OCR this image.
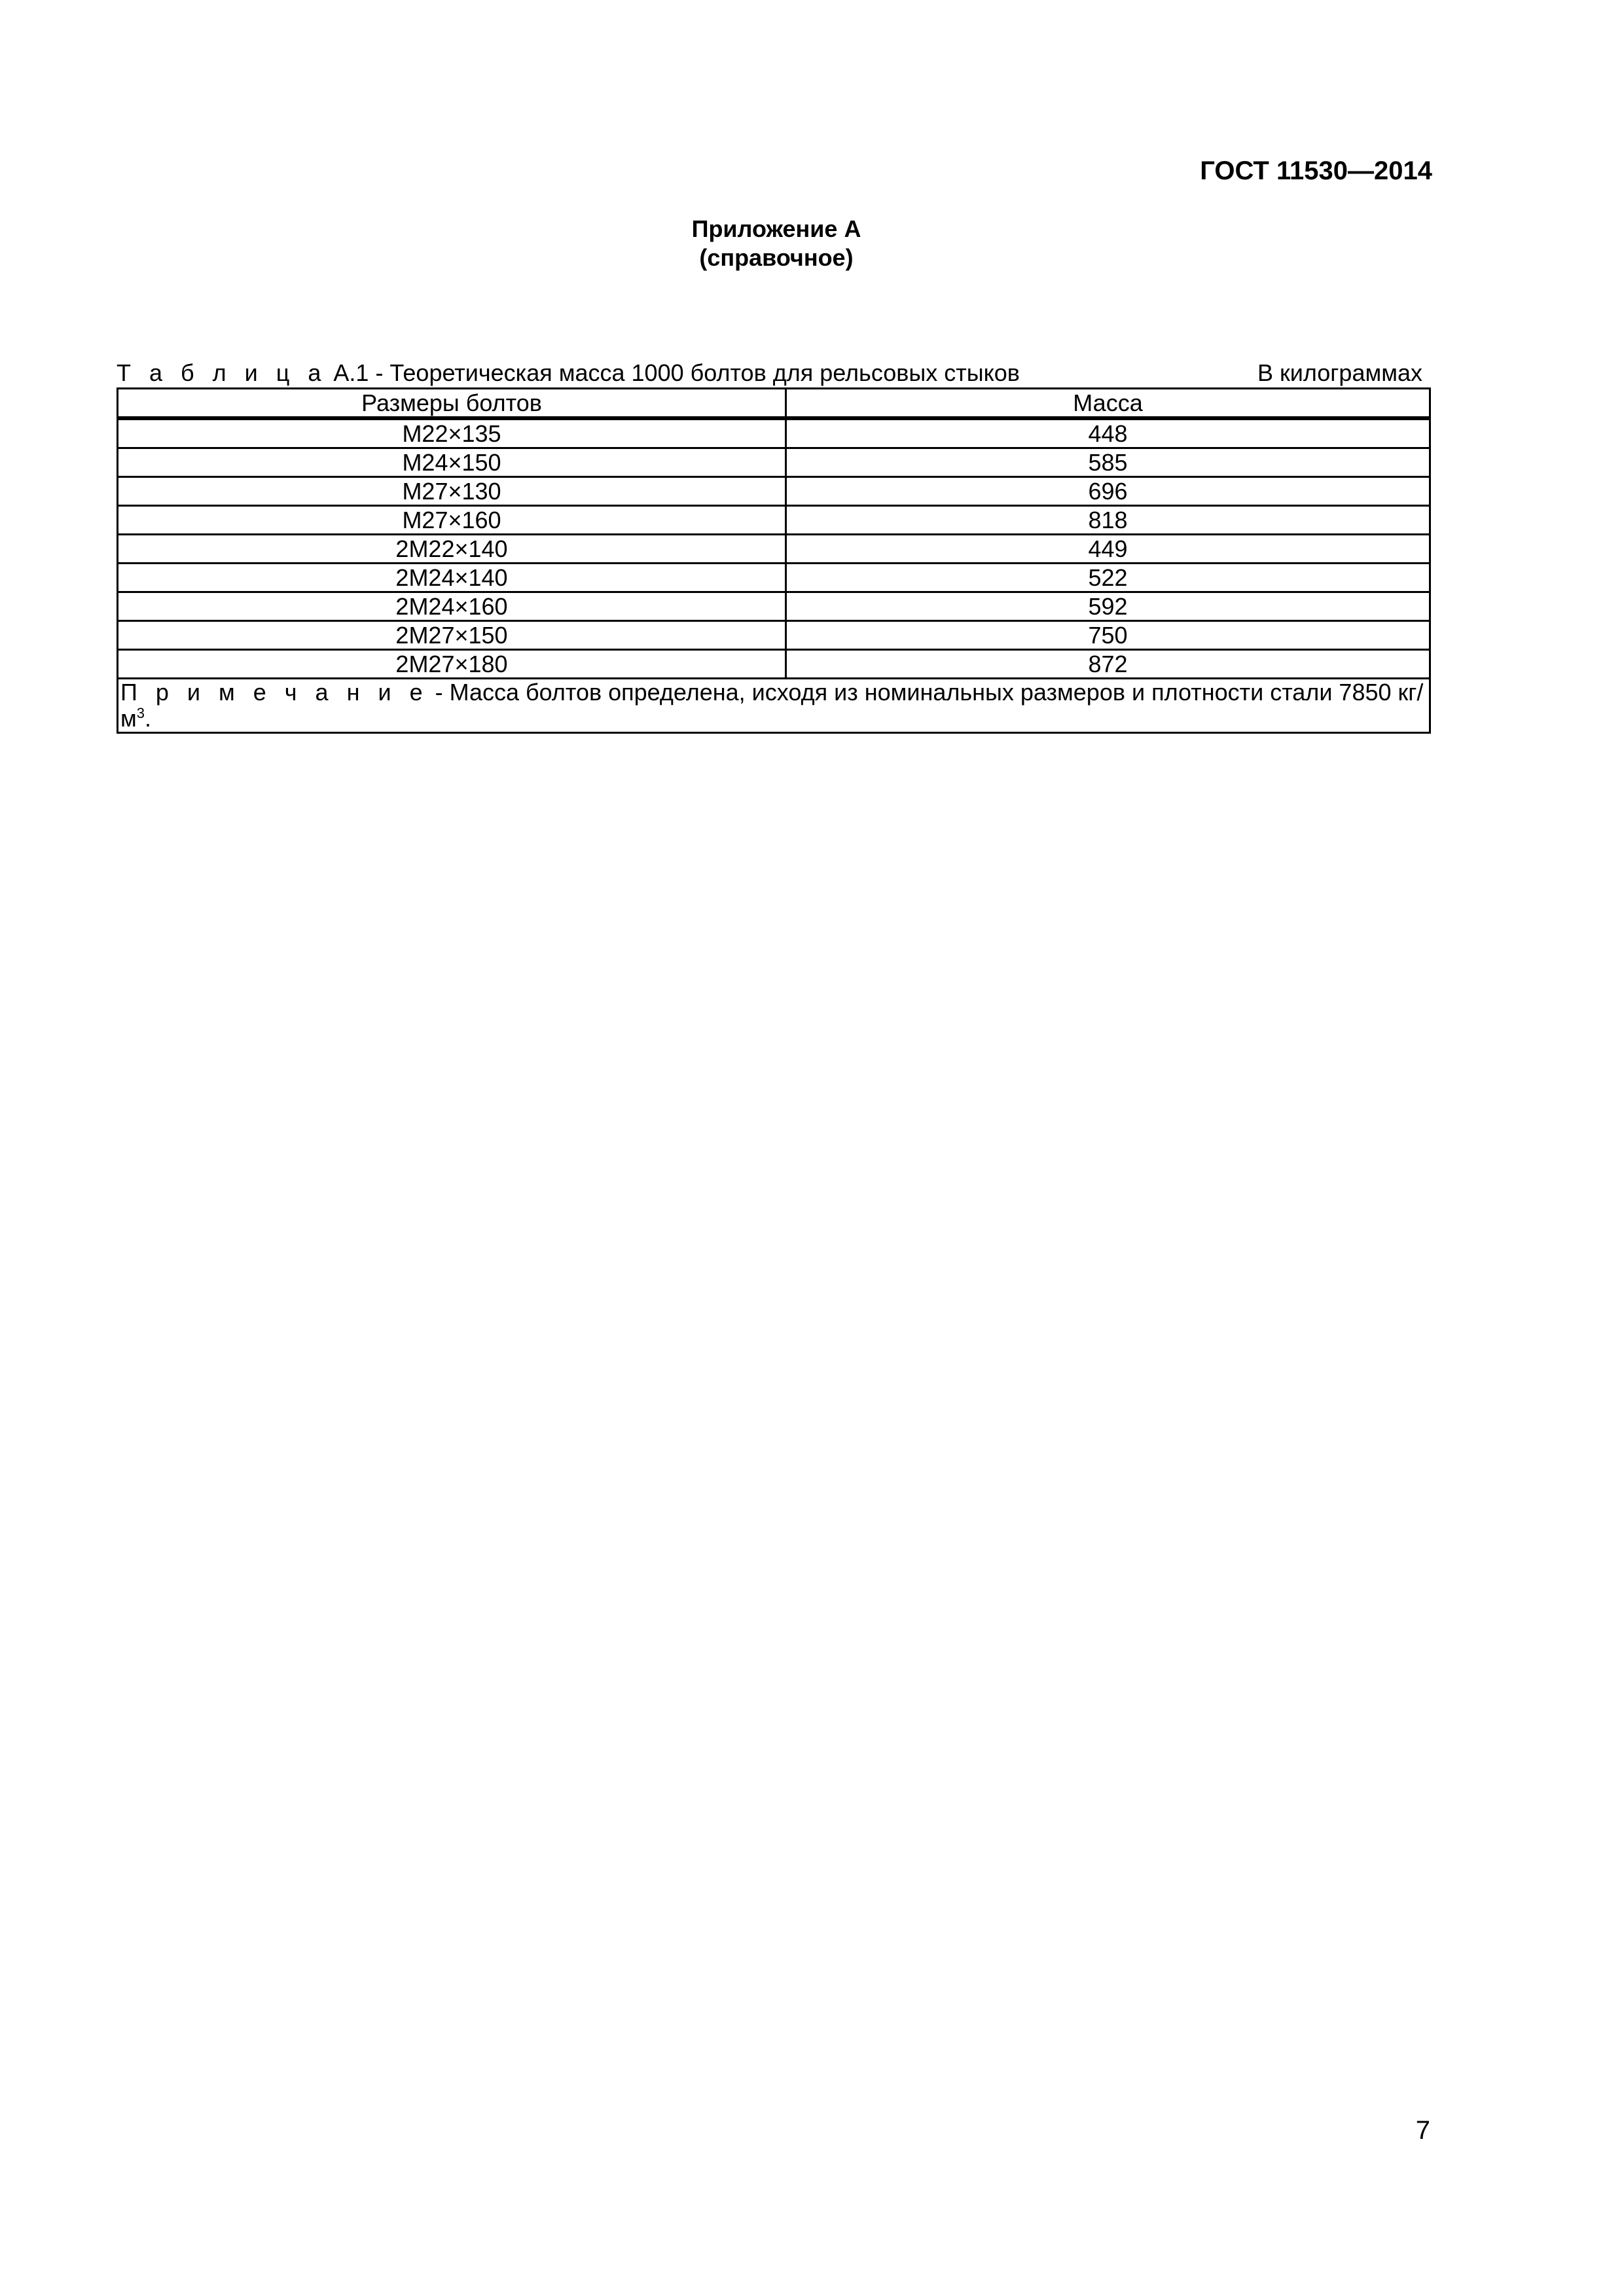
ГОСТ 11530—2014

Приложение А
(справочное)
Т а б л и ц а А.1 - Теоретическая масса 1000 болтов для рельсовых стыков	В килограммах
Размеры болтов	Масса
М22×135	448
М24×150	585
М27×130	696
М27×160	818
2М22×140	449
2М24×140	522
2М24×160	592
2М27×150	750
2М27×180	872
П р и м е ч а н и е - Масса болтов определена, исходя из номинальных размеров и плотности стали 7850 $кг/м^3$.	
7
